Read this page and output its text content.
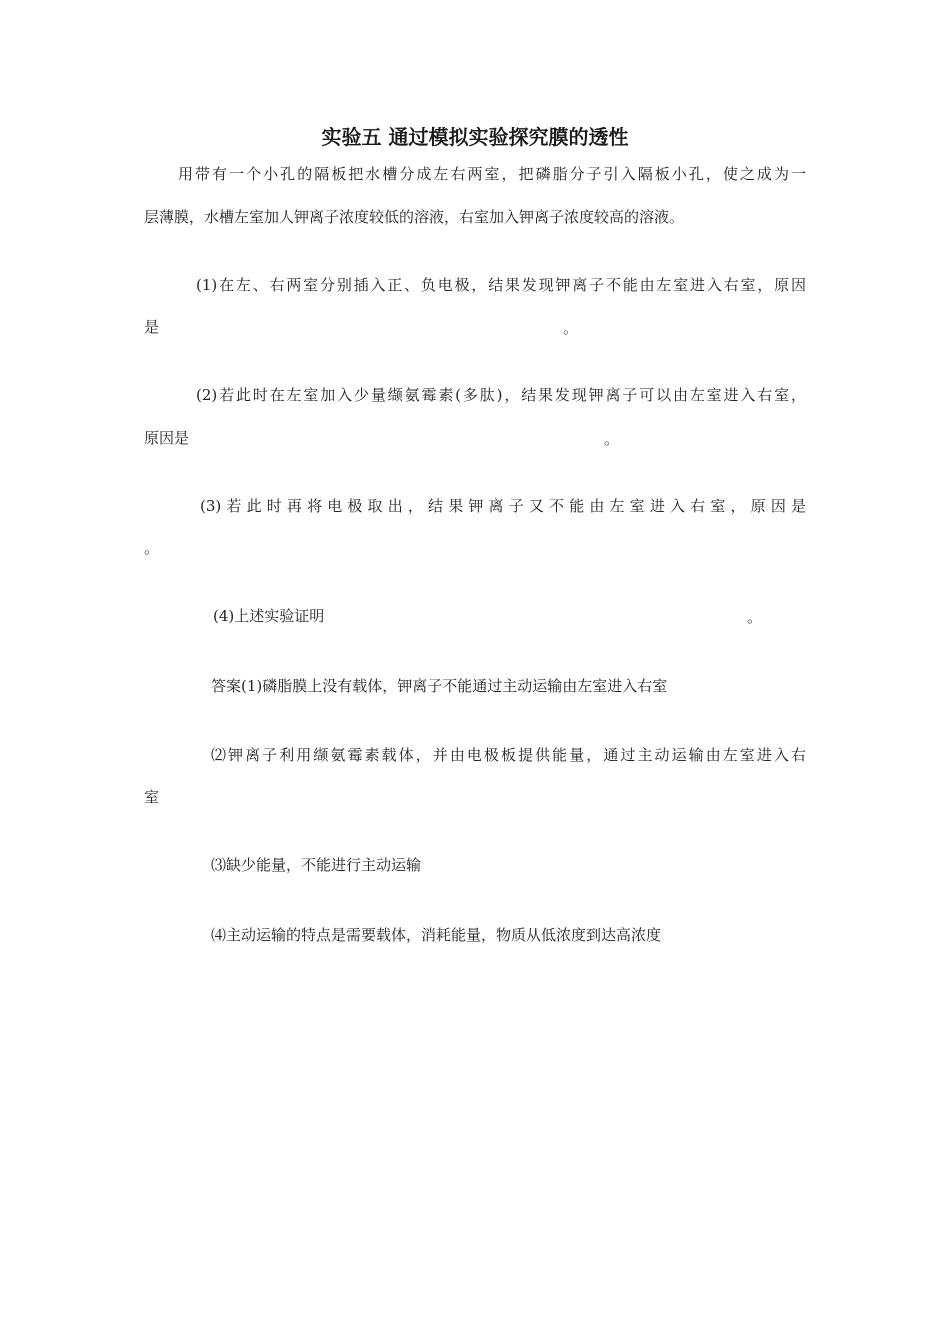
实验五 通过模拟实验探究膜的透性
用带有一个小孔的隔板把水槽分成左右两室，把磷脂分子引入隔板小孔，使之成为一
层薄膜，水槽左室加人钾离子浓度较低的溶液，右室加入钾离子浓度较高的溶液。
(1)在左、右两室分别插入正、负电极，结果发现钾离子不能由左室进入右室，原因
是	。
(2)若此时在左室加入少量缬氨霉素(多肽)，结果发现钾离子可以由左室进入右室，
原因是	。
(3)若此时再将电极取出，结果钾离子又不能由左室进入右室，原因是
。
(4)上述实验证明	。
答案(1)磷脂膜上没有载体，钾离子不能通过主动运输由左室进入右室
⑵钾离子利用缬氨霉素载体，并由电极板提供能量，通过主动运输由左室进入右
室
⑶缺少能量，不能进行主动运输
⑷主动运输的特点是需要载体，消耗能量，物质从低浓度到达高浓度
